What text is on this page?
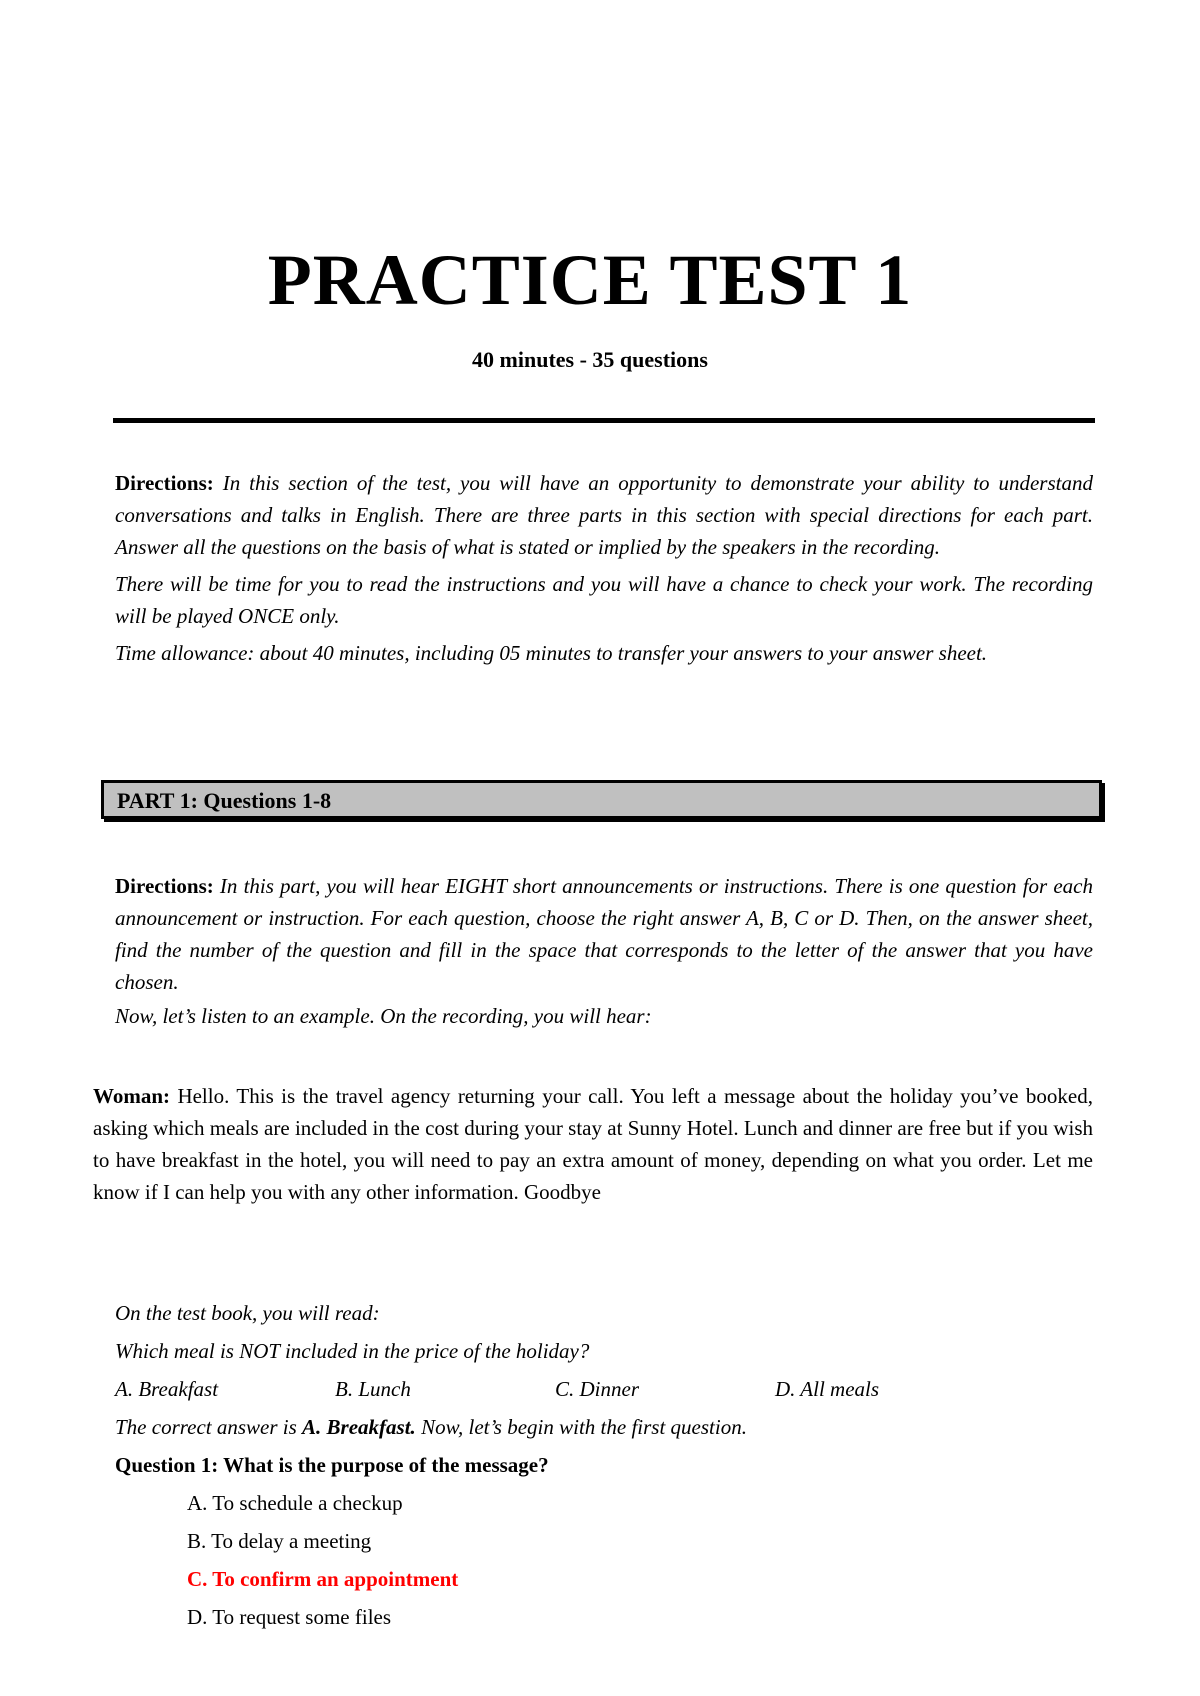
PRACTICE TEST 1
40 minutes - 35 questions

Directions: In this section of the test, you will have an opportunity to demonstrate your ability to understand conversations and talks in English. There are three parts in this section with special directions for each part. Answer all the questions on the basis of what is stated or implied by the speakers in the recording.

There will be time for you to read the instructions and you will have a chance to check your work. The recording will be played ONCE only.

Time allowance: about 40 minutes, including 05 minutes to transfer your answers to your answer sheet.

PART 1: Questions 1-8

Directions: In this part, you will hear EIGHT short announcements or instructions. There is one question for each announcement or instruction. For each question, choose the right answer A, B, C or D. Then, on the answer sheet, find the number of the question and fill in the space that corresponds to the letter of the answer that you have chosen.

Now, let’s listen to an example. On the recording, you will hear:

Woman: Hello. This is the travel agency returning your call. You left a message about the holiday you’ve booked, asking which meals are included in the cost during your stay at Sunny Hotel. Lunch and dinner are free but if you wish to have breakfast in the hotel, you will need to pay an extra amount of money, depending on what you order. Let me know if I can help you with any other information. Goodbye

On the test book, you will read:

Which meal is NOT included in the price of the holiday?

A. Breakfast	B. Lunch	C. Dinner	D. All meals

The correct answer is A. Breakfast. Now, let’s begin with the first question.

Question 1: What is the purpose of the message?

A. To schedule a checkup

B. To delay a meeting

C. To confirm an appointment

D. To request some files
